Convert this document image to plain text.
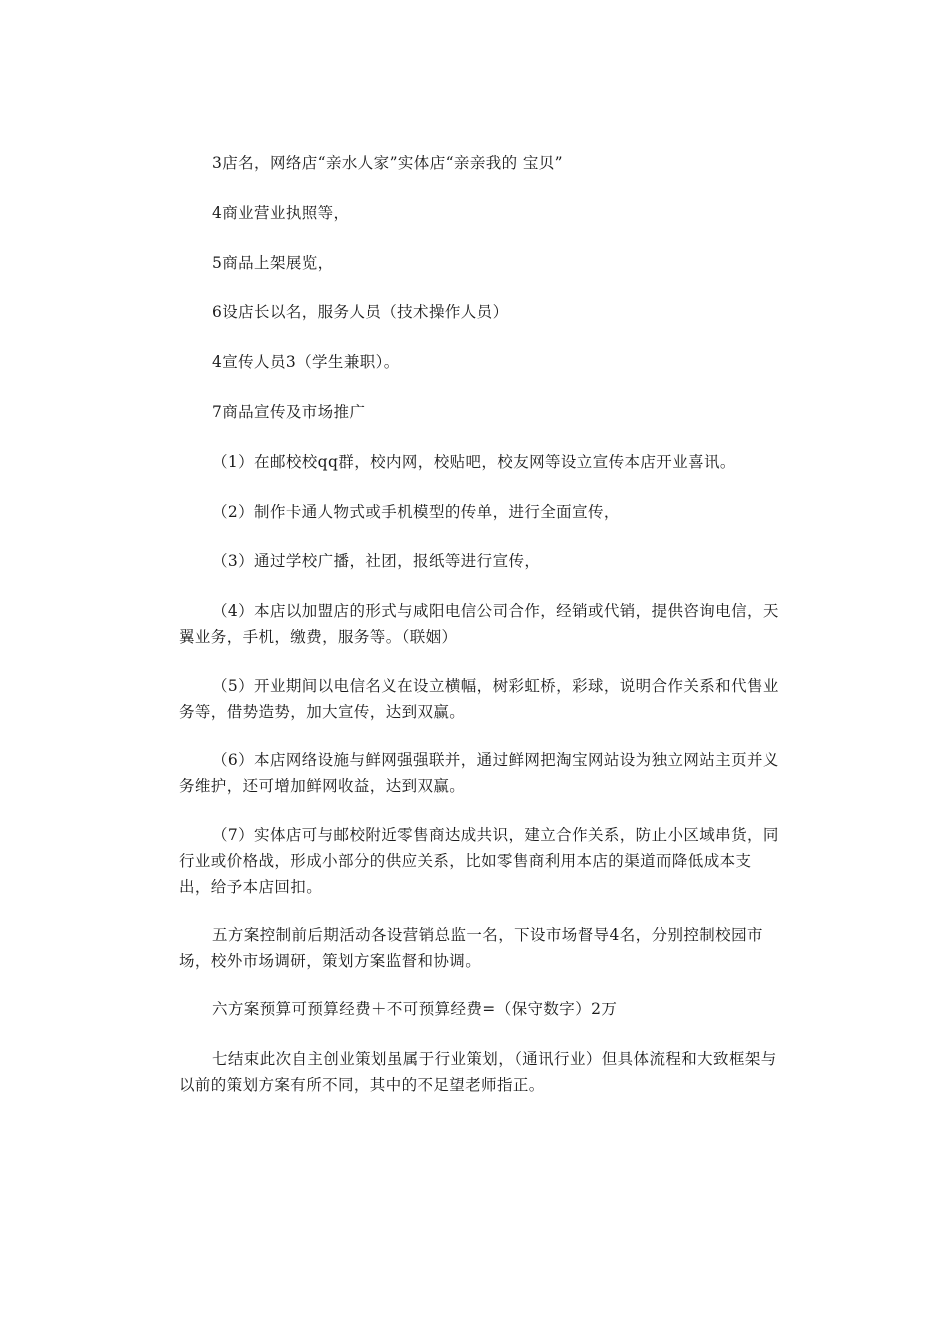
3店名，网络店“亲水人家”实体店“亲亲我的 宝贝”

4商业营业执照等，

5商品上架展览，

6设店长以名，服务人员（技术操作人员）

4宣传人员3（学生兼职）。

7商品宣传及市场推广

（1）在邮校校qq群，校内网，校贴吧，校友网等设立宣传本店开业喜讯。

（2）制作卡通人物式或手机模型的传单，进行全面宣传，

（3）通过学校广播，社团，报纸等进行宣传，

（4）本店以加盟店的形式与咸阳电信公司合作，经销或代销，提供咨询电信，天翼业务，手机，缴费，服务等。（联姻）

（5）开业期间以电信名义在设立横幅，树彩虹桥，彩球，说明合作关系和代售业务等，借势造势，加大宣传，达到双赢。

（6）本店网络设施与鲜网强强联并，通过鲜网把淘宝网站设为独立网站主页并义务维护，还可增加鲜网收益，达到双赢。

（7）实体店可与邮校附近零售商达成共识，建立合作关系，防止小区域串货，同行业或价格战，形成小部分的供应关系，比如零售商利用本店的渠道而降低成本支出，给予本店回扣。

五方案控制前后期活动各设营销总监一名，下设市场督导4名，分别控制校园市场，校外市场调研，策划方案监督和协调。

六方案预算可预算经费＋不可预算经费=（保守数字）2万

七结束此次自主创业策划虽属于行业策划，（通讯行业）但具体流程和大致框架与以前的策划方案有所不同，其中的不足望老师指正。
